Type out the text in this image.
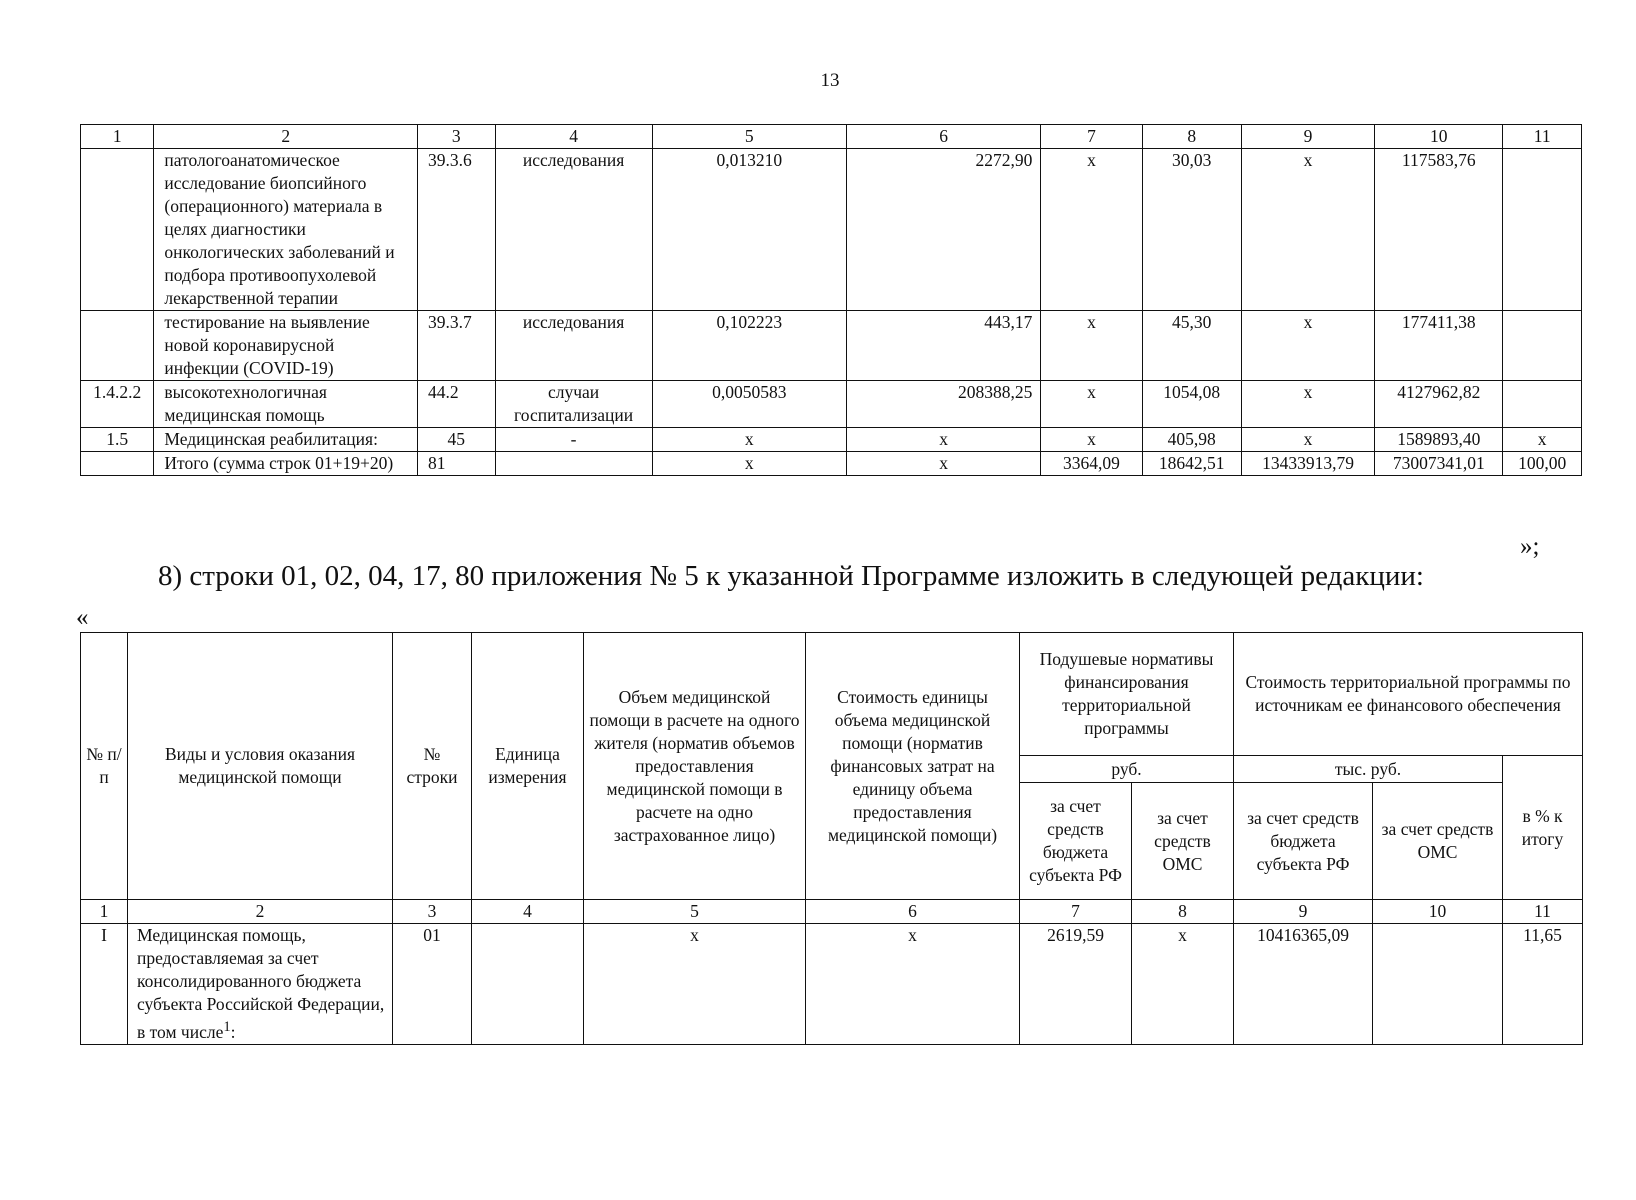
13
1	2	3	4	5	6	7	8	9	10	11
	патологоанатомическое исследование биопсийного (операционного) материала в целях диагностики онкологических заболеваний и подбора противоопухолевой лекарственной терапии	39.3.6	исследования	0,013210	2272,90	х	30,03	х	117583,76	
	тестирование на выявление новой коронавирусной инфекции (COVID-19)	39.3.7	исследования	0,102223	443,17	х	45,30	х	177411,38	
1.4.2.2	высокотехнологичная медицинская помощь	44.2	случаи госпитализации	0,0050583	208388,25	х	1054,08	х	4127962,82	
1.5	Медицинская реабилитация:	45	-	х	х	х	405,98	х	1589893,40	х
	Итого (сумма строк 01+19+20)	81		х	х	3364,09	18642,51	13433913,79	73007341,01	100,00
»;
8) строки 01, 02, 04, 17, 80 приложения № 5 к указанной Программе изложить в следующей редакции:
«
№ п/п	Виды и условия оказания медицинской помощи	№ строки	Единица измерения	Объем медицинской помощи в расчете на одного жителя (норматив объемов предоставления медицинской помощи в расчете на одно застрахованное лицо)	Стоимость единицы объема медицинской помощи (норматив финансовых затрат на единицу объема предоставления медицинской помощи)	Подушевые нормативы финансирования территориальной программы		Стоимость территориальной программы по источникам ее финансового обеспечения		
						руб.		тыс. руб.		в % к итогу
						за счет средств бюджета субъекта РФ	за счет средств ОМС	за счет средств бюджета субъекта РФ	за счет средств ОМС	
1	2	3	4	5	6	7	8	9	10	11
I	Медицинская помощь, предоставляемая за счет консолидированного бюджета субъекта Российской Федерации, в том числе$^1$:	01		х	х	2619,59	х	10416365,09		11,65
